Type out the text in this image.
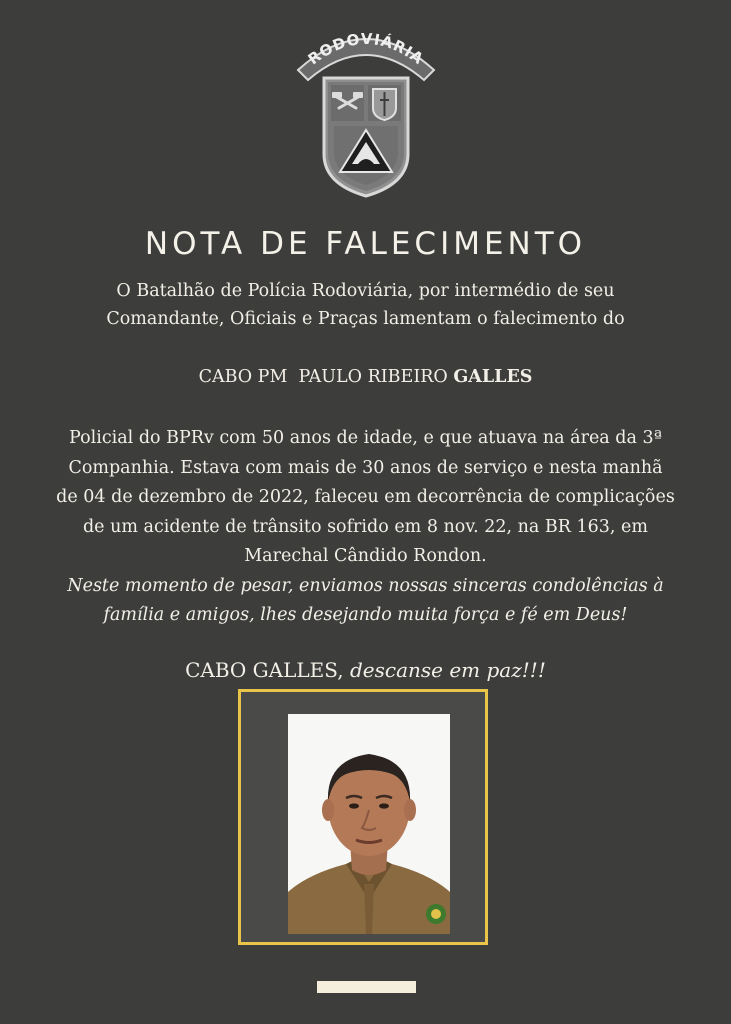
RODOVIÁRIA
NOTA DE FALECIMENTO
O Batalhão de Polícia Rodoviária, por intermédio de seu
Comandante, Oficiais e Praças lamentam o falecimento do
CABO PM  PAULO RIBEIRO GALLES

Policial do BPRv com 50 anos de idade, e que atuava na área da 3ª
Companhia. Estava com mais de 30 anos de serviço e nesta manhã
de 04 de dezembro de 2022, faleceu em decorrência de complicações
de um acidente de trânsito sofrido em 8 nov. 22, na BR 163, em
Marechal Cândido Rondon.

Neste momento de pesar, enviamos nossas sinceras condolências à
família e amigos, lhes desejando muita força e fé em Deus!

CABO GALLES, descanse em paz!!!
